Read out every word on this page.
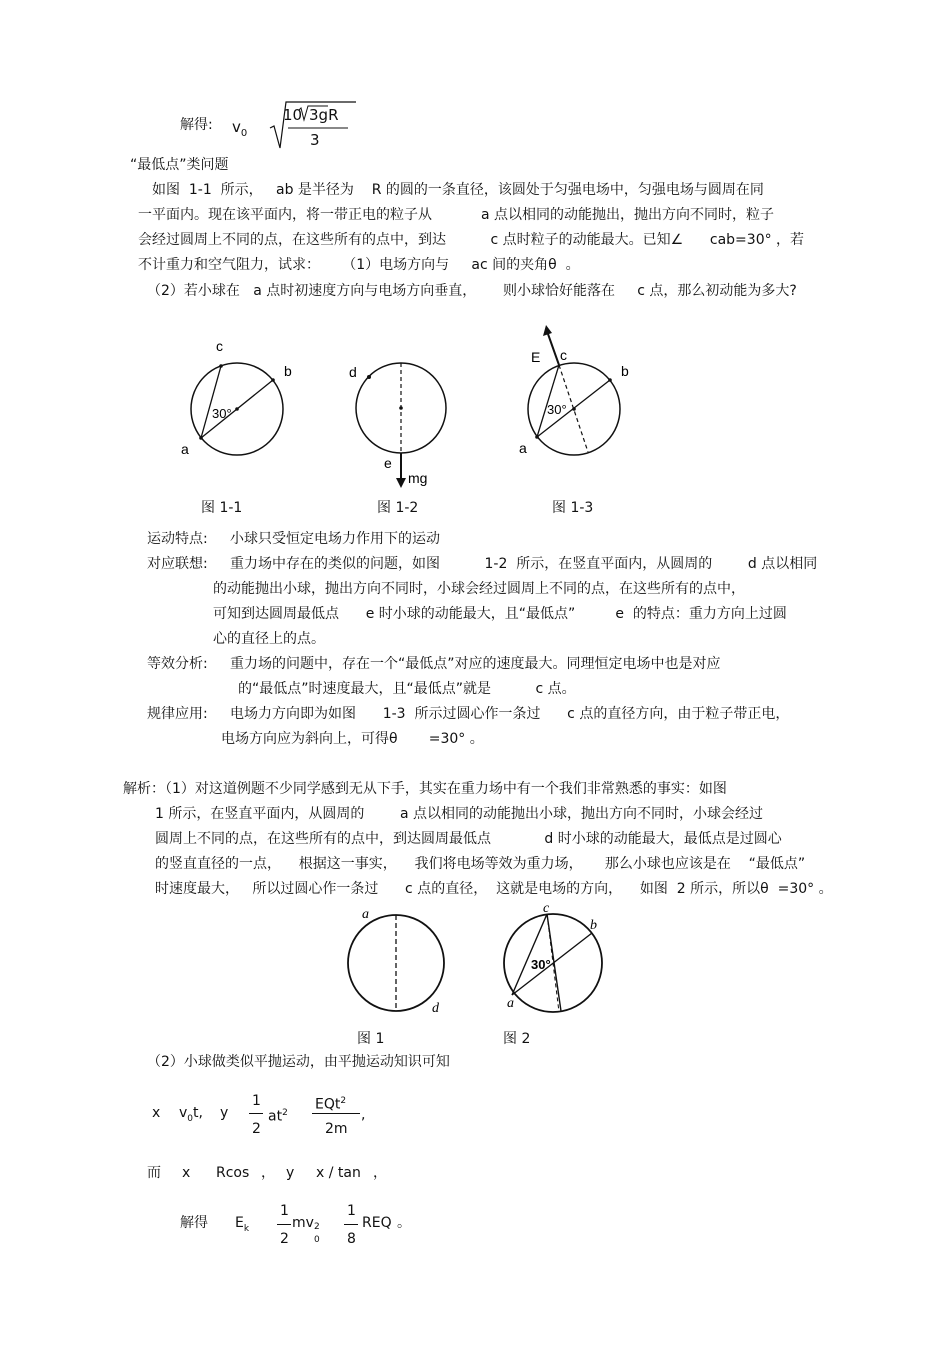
解得: $v_0$
10 3gR
3
“最低点”类问题
如图  1-1  所示，   ab 是半径为    R 的圆的一条直径，该圆处于匀强电场中，匀强电场与圆周在同
一平面内。现在该平面内，将一带正电的粒子从           a 点以相同的动能抛出，抛出方向不同时，粒子
会经过圆周上不同的点，在这些所有的点中，到达          c 点时粒子的动能最大。已知∠      cab=30° ，若
不计重力和空气阻力，试求：     （1）电场方向与     ac 间的夹角θ  。
（2）若小球在   a 点时初速度方向与电场方向垂直，      则小球恰好能落在     c 点，那么初动能为多大?
c
b
a
30°
图 1-1
d
e
mg
图 1-2
E c
b
a
30°
图 1-3
运动特点: 小球只受恒定电场力作用下的运动
对应联想: 重力场中存在的类似的问题，如图          1-2  所示，在竖直平面内，从圆周的        d 点以相同
的动能抛出小球，抛出方向不同时，小球会经过圆周上不同的点，在这些所有的点中，
可知到达圆周最低点      e 时小球的动能最大，且“最低点”         e  的特点：重力方向上过圆
心的直径上的点。
等效分析: 重力场的问题中，存在一个“最低点”对应的速度最大。同理恒定电场中也是对应
的“最低点”时速度最大，且“最低点”就是          c 点。
规律应用: 电场力方向即为如图      1-3  所示过圆心作一条过      c 点的直径方向，由于粒子带正电，
电场方向应为斜向上，可得θ       =30° 。
解析：（1）对这道例题不少同学感到无从下手，其实在重力场中有一个我们非常熟悉的事实：如图
1 所示，在竖直平面内，从圆周的        a 点以相同的动能抛出小球，抛出方向不同时，小球会经过
圆周上不同的点，在这些所有的点中，到达圆周最低点            d 时小球的动能最大，最低点是过圆心
的竖直直径的一点，    根据这一事实，    我们将电场等效为重力场，     那么小球也应该是在    “最低点”
时速度最大，   所以过圆心作一条过      c 点的直径，  这就是电场的方向，    如图  2 所示，所以θ  =30° 。
a
d
图 1
c
b
a
30°
图 2
（2）小球做类似平抛运动，由平抛运动知识可知
x $v_0t$, y
1
2
$at^2$
EQt$^2$
2m
,
而 x Rcos ， y x / tan ，
解得 $E_k$
1
2
mv 2
0
1
8
REQ 。
